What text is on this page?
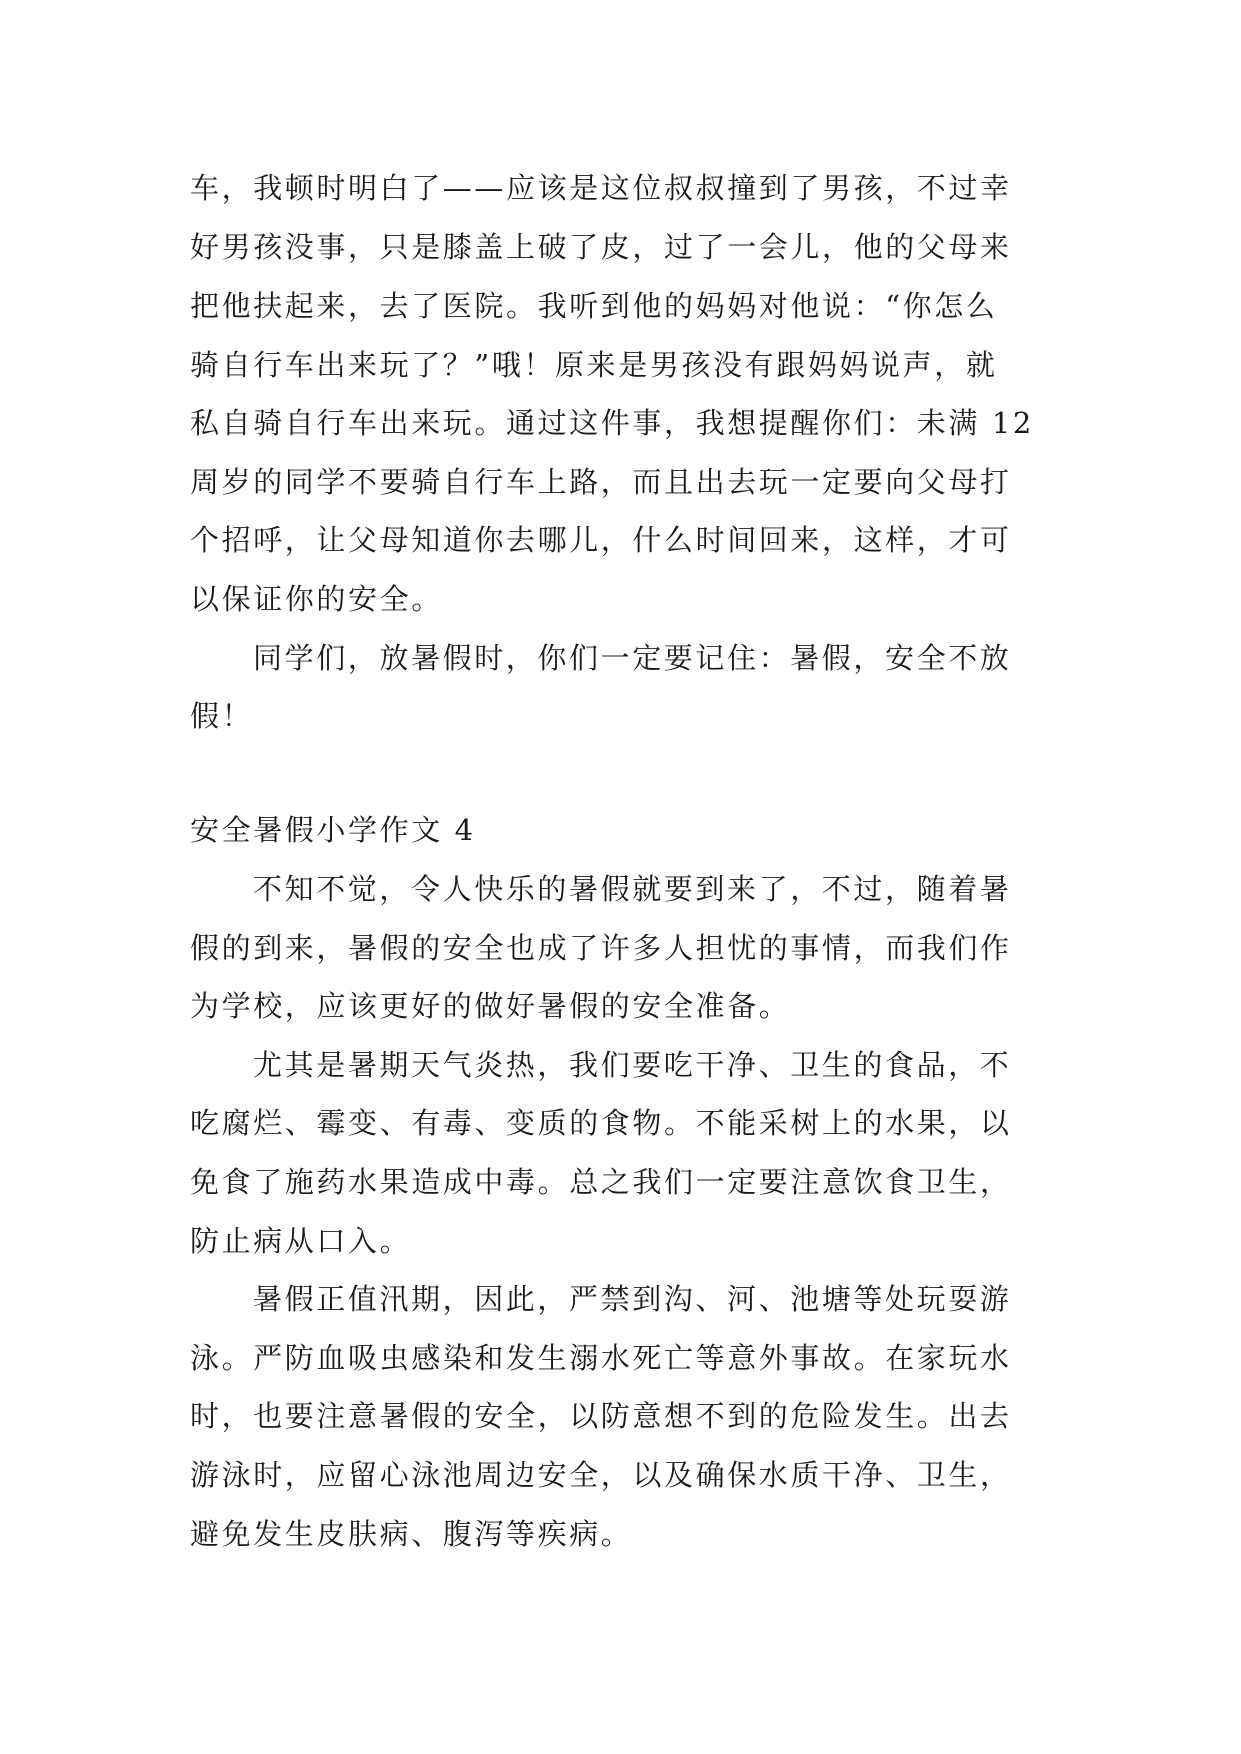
车，我顿时明白了——应该是这位叔叔撞到了男孩，不过幸
好男孩没事，只是膝盖上破了皮，过了一会儿，他的父母来
把他扶起来，去了医院。我听到他的妈妈对他说：“你怎么
骑自行车出来玩了？”哦！原来是男孩没有跟妈妈说声，就
私自骑自行车出来玩。通过这件事，我想提醒你们：未满 12
周岁的同学不要骑自行车上路，而且出去玩一定要向父母打
个招呼，让父母知道你去哪儿，什么时间回来，这样，才可
以保证你的安全。
同学们，放暑假时，你们一定要记住：暑假，安全不放
假！
安全暑假小学作文 4
不知不觉，令人快乐的暑假就要到来了，不过，随着暑
假的到来，暑假的安全也成了许多人担忧的事情，而我们作
为学校，应该更好的做好暑假的安全准备。
尤其是暑期天气炎热，我们要吃干净、卫生的食品，不
吃腐烂、霉变、有毒、变质的食物。不能采树上的水果，以
免食了施药水果造成中毒。总之我们一定要注意饮食卫生，
防止病从口入。
暑假正值汛期，因此，严禁到沟、河、池塘等处玩耍游
泳。严防血吸虫感染和发生溺水死亡等意外事故。在家玩水
时，也要注意暑假的安全，以防意想不到的危险发生。出去
游泳时，应留心泳池周边安全，以及确保水质干净、卫生，
避免发生皮肤病、腹泻等疾病。
